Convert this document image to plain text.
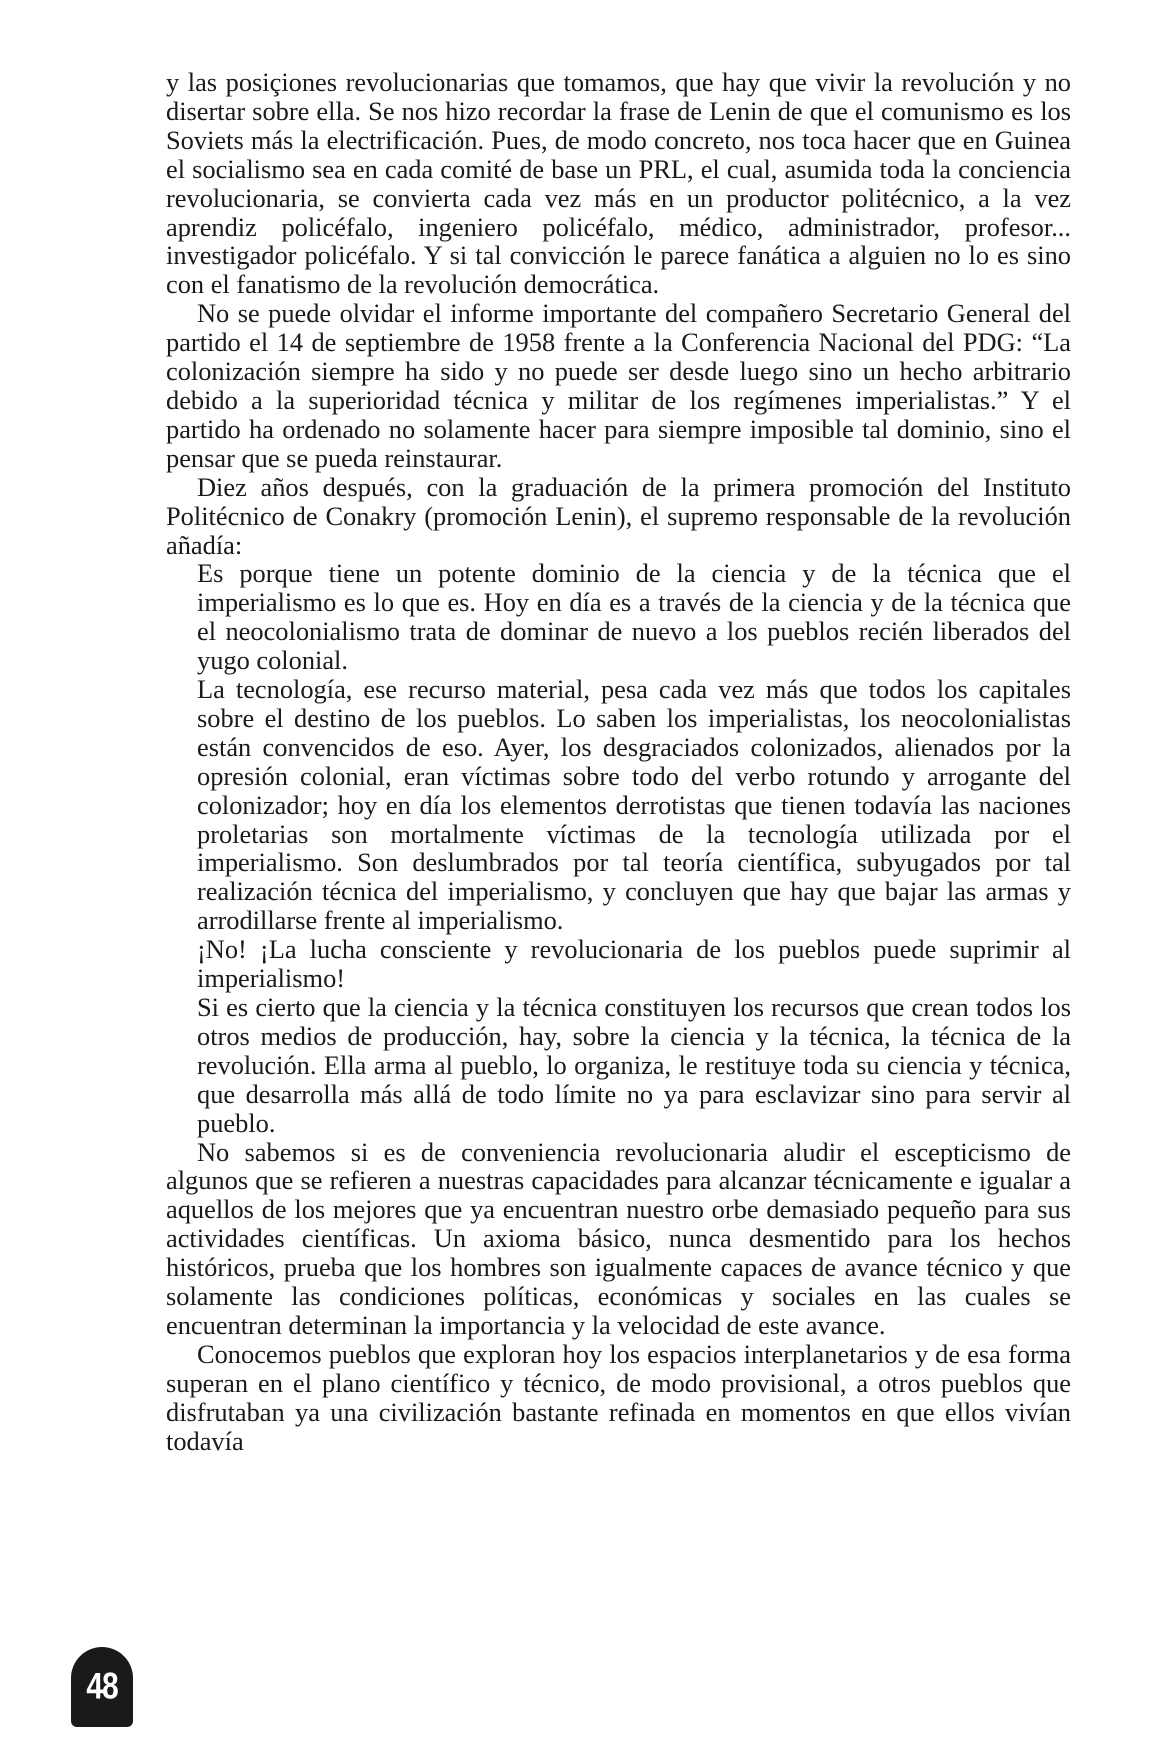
y las posiçiones revolucionarias que tomamos, que hay que vivir la revolución y no disertar sobre ella. Se nos hizo recordar la frase de Lenin de que el comunismo es los Soviets más la electrificación. Pues, de modo concreto, nos toca hacer que en Guinea el socialismo sea en cada comité de base un PRL, el cual, asumida toda la conciencia revolucionaria, se convierta cada vez más en un productor politécnico, a la vez aprendiz policéfalo, ingeniero policéfalo, médico, administrador, profesor... investigador policéfalo. Y si tal convicción le parece fanática a alguien no lo es sino con el fanatismo de la revolución democrática.

No se puede olvidar el informe importante del compañero Secretario General del partido el 14 de septiembre de 1958 frente a la Conferencia Nacional del PDG: “La colonización siempre ha sido y no puede ser desde luego sino un hecho arbitrario debido a la superioridad técnica y militar de los regímenes imperialistas.” Y el partido ha ordenado no solamente hacer para siempre imposible tal dominio, sino el pensar que se pueda reinstaurar.

Diez años después, con la graduación de la primera promoción del Instituto Politécnico de Conakry (promoción Lenin), el supremo responsable de la revolución añadía:

Es porque tiene un potente dominio de la ciencia y de la técnica que el imperialismo es lo que es. Hoy en día es a través de la ciencia y de la técnica que el neocolonialismo trata de dominar de nuevo a los pueblos recién liberados del yugo colonial.

La tecnología, ese recurso material, pesa cada vez más que todos los capitales sobre el destino de los pueblos. Lo saben los imperialistas, los neocolonialistas están convencidos de eso. Ayer, los desgraciados colonizados, alienados por la opresión colonial, eran víctimas sobre todo del verbo rotundo y arrogante del colonizador; hoy en día los elementos derrotistas que tienen todavía las naciones proletarias son mortalmente víctimas de la tecnología utilizada por el imperialismo. Son deslumbrados por tal teoría científica, subyugados por tal realización técnica del imperialismo, y concluyen que hay que bajar las armas y arrodillarse frente al imperialismo.

¡No! ¡La lucha consciente y revolucionaria de los pueblos puede suprimir al imperialismo!

Si es cierto que la ciencia y la técnica constituyen los recursos que crean todos los otros medios de producción, hay, sobre la ciencia y la técnica, la técnica de la revolución. Ella arma al pueblo, lo organiza, le restituye toda su ciencia y técnica, que desarrolla más allá de todo límite no ya para esclavizar sino para servir al pueblo.

No sabemos si es de conveniencia revolucionaria aludir el escepticismo de algunos que se refieren a nuestras capacidades para alcanzar técnicamente e igualar a aquellos de los mejores que ya encuentran nuestro orbe demasiado pequeño para sus actividades científicas. Un axioma básico, nunca desmentido para los hechos históricos, prueba que los hombres son igualmente capaces de avance técnico y que solamente las condiciones políticas, económicas y sociales en las cuales se encuentran determinan la importancia y la velocidad de este avance.

Conocemos pueblos que exploran hoy los espacios interplanetarios y de esa forma superan en el plano científico y técnico, de modo provisional, a otros pueblos que disfrutaban ya una civilización bastante refinada en momentos en que ellos vivían todavía

48
